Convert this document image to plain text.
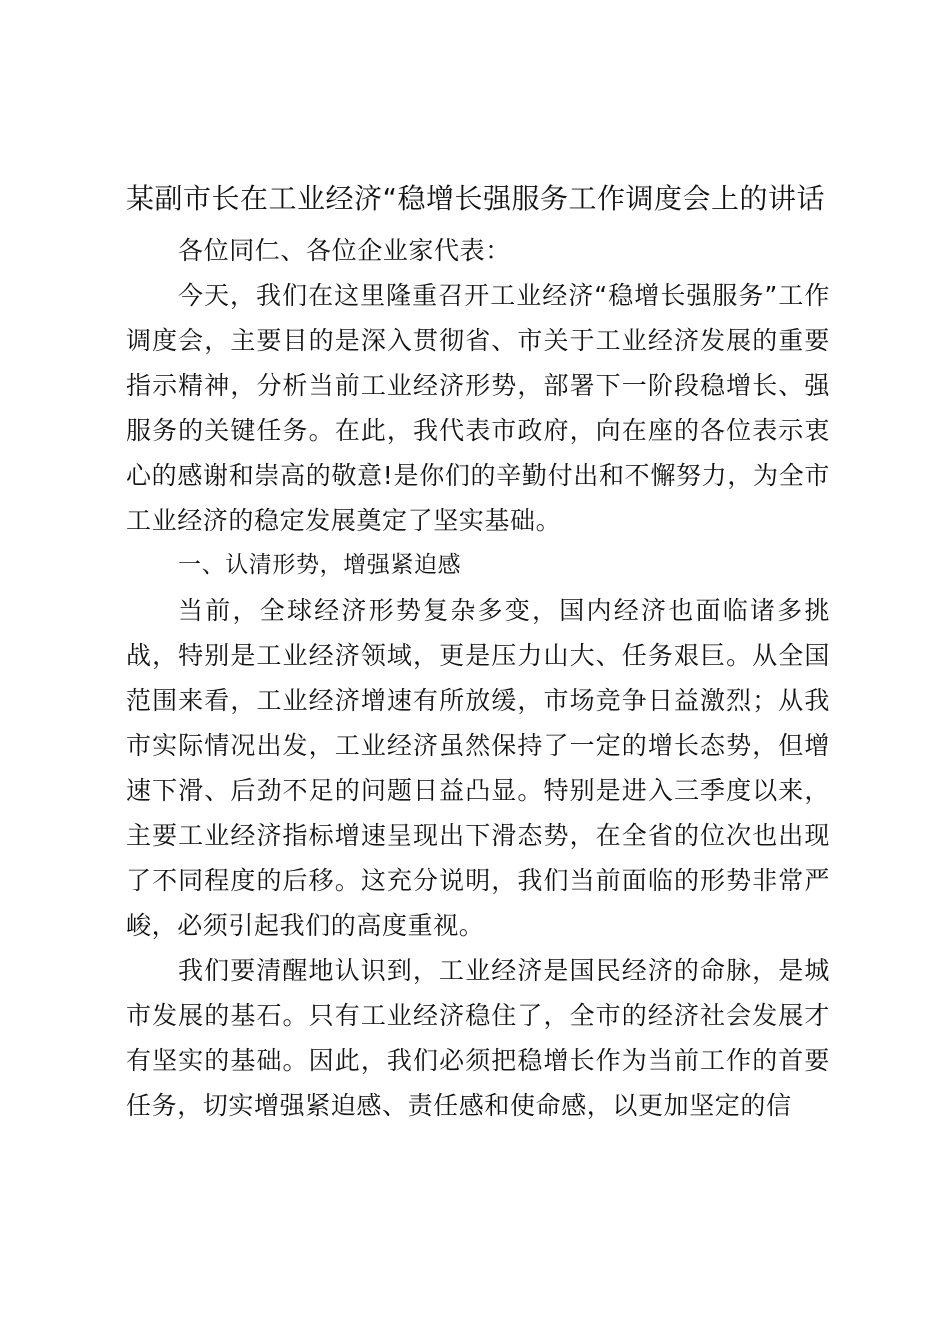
某副市长在工业经济“稳增长强服务工作调度会上的讲话

各位同仁、各位企业家代表：

今天，我们在这里隆重召开工业经济“稳增长强服务”工作调度会，主要目的是深入贯彻省、市关于工业经济发展的重要指示精神，分析当前工业经济形势，部署下一阶段稳增长、强服务的关键任务。在此，我代表市政府，向在座的各位表示衷心的感谢和崇高的敬意!是你们的辛勤付出和不懈努力，为全市工业经济的稳定发展奠定了坚实基础。

一、认清形势，增强紧迫感

当前，全球经济形势复杂多变，国内经济也面临诸多挑战，特别是工业经济领域，更是压力山大、任务艰巨。从全国范围来看，工业经济增速有所放缓，市场竞争日益激烈；从我市实际情况出发，工业经济虽然保持了一定的增长态势，但增速下滑、后劲不足的问题日益凸显。特别是进入三季度以来，主要工业经济指标增速呈现出下滑态势，在全省的位次也出现了不同程度的后移。这充分说明，我们当前面临的形势非常严峻，必须引起我们的高度重视。

我们要清醒地认识到，工业经济是国民经济的命脉，是城市发展的基石。只有工业经济稳住了，全市的经济社会发展才有坚实的基础。因此，我们必须把稳增长作为当前工作的首要任务，切实增强紧迫感、责任感和使命感，以更加坚定的信
